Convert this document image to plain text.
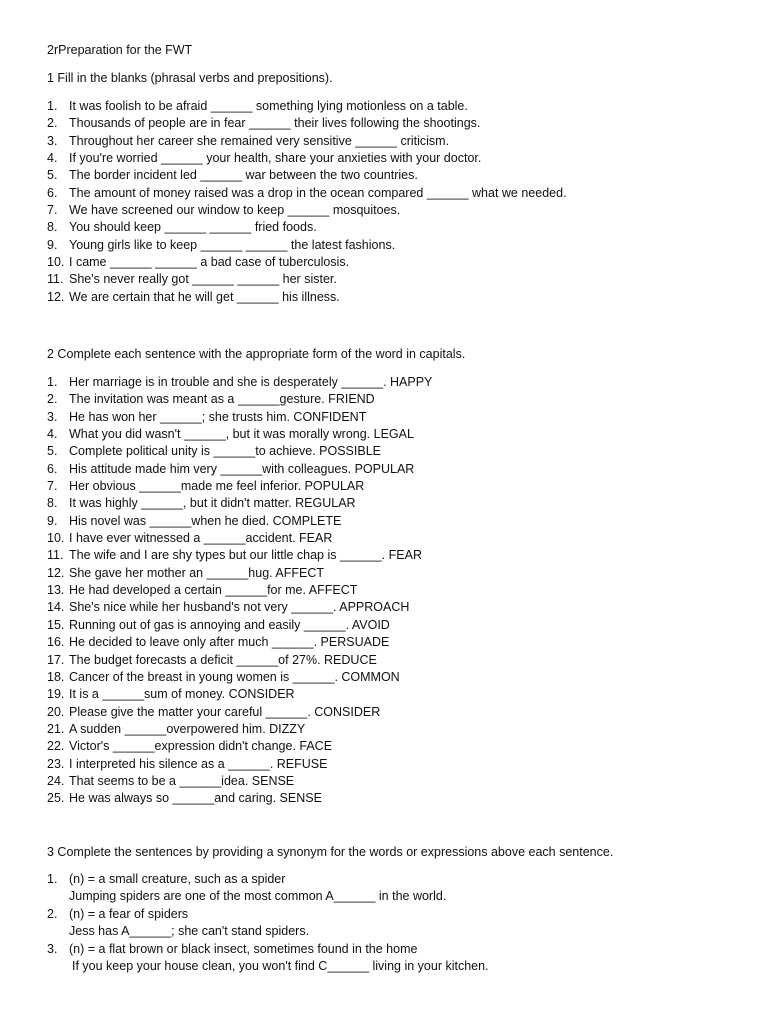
2rPreparation for the FWT
1 Fill in the blanks (phrasal verbs and prepositions).
1. It was foolish to be afraid ______ something lying motionless on a table.
2. Thousands of people are in fear ______ their lives following the shootings.
3. Throughout her career she remained very sensitive ______ criticism.
4. If you're worried ______ your health, share your anxieties with your doctor.
5. The border incident led ______ war between the two countries.
6. The amount of money raised was a drop in the ocean compared ______ what we needed.
7. We have screened our window to keep ______ mosquitoes.
8. You should keep ______ ______ fried foods.
9. Young girls like to keep ______ ______ the latest fashions.
10. I came ______ ______ a bad case of tuberculosis.
11. She's never really got ______ ______ her sister.
12. We are certain that he will get ______ his illness.
2 Complete each sentence with the appropriate form of the word in capitals.
1. Her marriage is in trouble and she is desperately ______. HAPPY
2. The invitation was meant as a ______gesture. FRIEND
3. He has won her ______; she trusts him. CONFIDENT
4. What you did wasn't ______, but it was morally wrong. LEGAL
5. Complete political unity is ______to achieve. POSSIBLE
6. His attitude made him very ______with colleagues. POPULAR
7. Her obvious ______made me feel inferior. POPULAR
8. It was highly ______, but it didn't matter. REGULAR
9. His novel was ______when he died. COMPLETE
10. I have ever witnessed a ______accident. FEAR
11. The wife and I are shy types but our little chap is ______. FEAR
12. She gave her mother an ______hug. AFFECT
13. He had developed a certain ______for me. AFFECT
14. She's nice while her husband's not very ______. APPROACH
15. Running out of gas is annoying and easily ______. AVOID
16. He decided to leave only after much ______. PERSUADE
17. The budget forecasts a deficit ______of 27%. REDUCE
18. Cancer of the breast in young women is ______. COMMON
19. It is a ______sum of money. CONSIDER
20. Please give the matter your careful ______. CONSIDER
21. A sudden ______overpowered him. DIZZY
22. Victor's ______expression didn't change. FACE
23. I interpreted his silence as a ______. REFUSE
24. That seems to be a ______idea. SENSE
25. He was always so ______and caring. SENSE
3 Complete the sentences by providing a synonym for the words or expressions above each sentence.
1. (n) = a small creature, such as a spider
Jumping spiders are one of the most common A______ in the world.
2. (n) = a fear of spiders
Jess has A______; she can't stand spiders.
3. (n) = a flat brown or black insect, sometimes found in the home
If you keep your house clean, you won't find C______ living in your kitchen.
